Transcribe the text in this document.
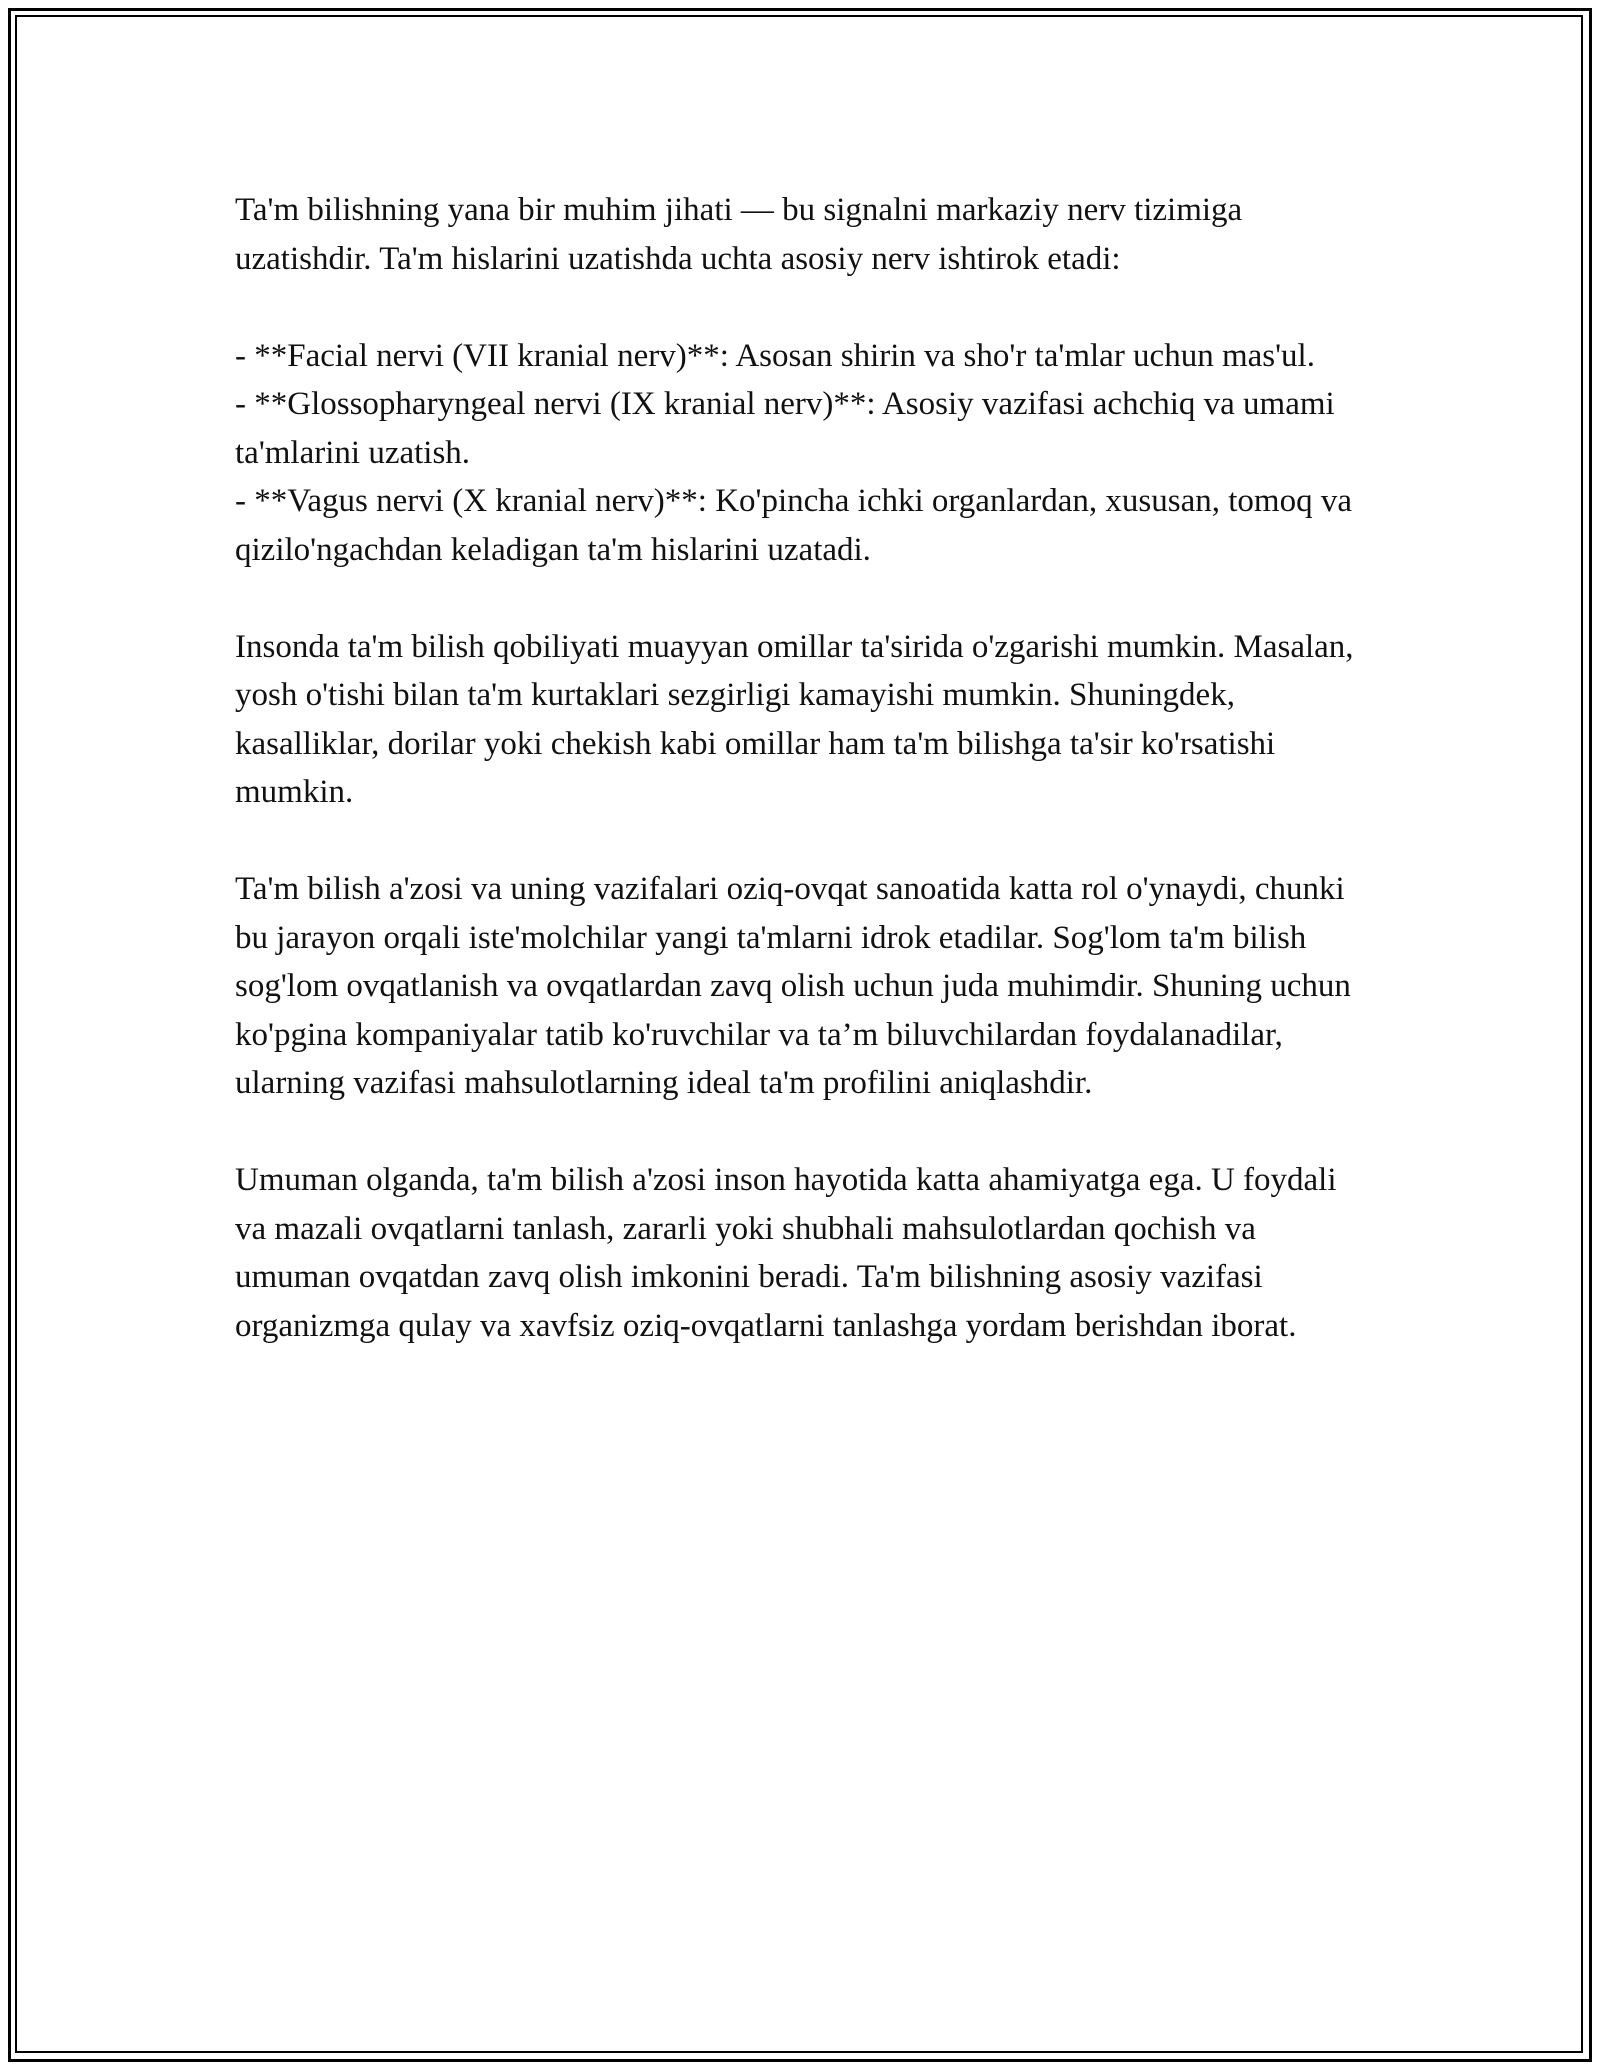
Ta'm bilishning yana bir muhim jihati — bu signalni markaziy nerv tizimiga uzatishdir. Ta'm hislarini uzatishda uchta asosiy nerv ishtirok etadi:

- **Facial nervi (VII kranial nerv)**: Asosan shirin va sho'r ta'mlar uchun mas'ul.

- **Glossopharyngeal nervi (IX kranial nerv)**: Asosiy vazifasi achchiq va umami ta'mlarini uzatish.

- **Vagus nervi (X kranial nerv)**: Ko'pincha ichki organlardan, xususan, tomoq va qizilo'ngachdan keladigan ta'm hislarini uzatadi.

Insonda ta'm bilish qobiliyati muayyan omillar ta'sirida o'zgarishi mumkin. Masalan, yosh o'tishi bilan ta'm kurtaklari sezgirligi kamayishi mumkin. Shuningdek, kasalliklar, dorilar yoki chekish kabi omillar ham ta'm bilishga ta'sir ko'rsatishi mumkin.

Ta'm bilish a'zosi va uning vazifalari oziq-ovqat sanoatida katta rol o'ynaydi, chunki bu jarayon orqali iste'molchilar yangi ta'mlarni idrok etadilar. Sog'lom ta'm bilish sog'lom ovqatlanish va ovqatlardan zavq olish uchun juda muhimdir. Shuning uchun ko'pgina kompaniyalar tatib ko'ruvchilar va ta’m biluvchilardan foydalanadilar, ularning vazifasi mahsulotlarning ideal ta'm profilini aniqlashdir.

Umuman olganda, ta'm bilish a'zosi inson hayotida katta ahamiyatga ega. U foydali va mazali ovqatlarni tanlash, zararli yoki shubhali mahsulotlardan qochish va umuman ovqatdan zavq olish imkonini beradi. Ta'm bilishning asosiy vazifasi organizmga qulay va xavfsiz oziq-ovqatlarni tanlashga yordam berishdan iborat.
